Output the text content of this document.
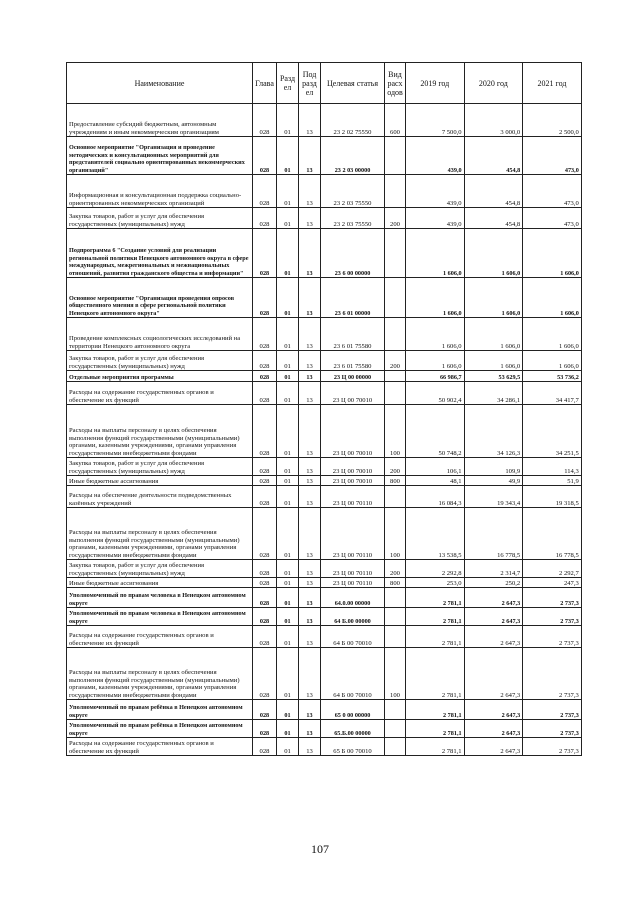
Наименование	Глава	Раздел	Подраздел	Целевая статья	Вид расходов	2019 год	2020 год	2021 год
Предоставление субсидий бюджетным, автономным учреждениям и иным некоммерческим организациям	028	01	13	23 2 02 75550	600	7 500,0	3 000,0	2 500,0
Основное мероприятие "Организация и проведение методических и консультационных мероприятий для представителей социально ориентированных некоммерческих организаций"	028	01	13	23 2 03 00000		439,0	454,8	473,0
Информационная и консультационная поддержка социально-ориентированных некоммерческих организаций	028	01	13	23 2 03 75550		439,0	454,8	473,0
Закупка товаров, работ и услуг для обеспечения государственных (муниципальных) нужд	028	01	13	23 2 03 75550	200	439,0	454,8	473,0
Подпрограмма 6 "Создание условий для реализации региональной политики Ненецкого автономного округа в сфере международных, межрегиональных и межнациональных отношений, развития гражданского общества и информации"	028	01	13	23 6 00 00000		1 606,0	1 606,0	1 606,0
Основное мероприятие "Организация проведения опросов общественного мнения в сфере региональной политики Ненецкого автономного округа"	028	01	13	23 6 01 00000		1 606,0	1 606,0	1 606,0
Проведение комплексных социологических исследований на территории Ненецкого автономного округа	028	01	13	23 6 01 75580		1 606,0	1 606,0	1 606,0
Закупка товаров, работ и услуг для обеспечения государственных (муниципальных) нужд	028	01	13	23 6 01 75580	200	1 606,0	1 606,0	1 606,0
Отдельные мероприятия программы	028	01	13	23 Ц 00 00000		66 986,7	53 629,5	53 736,2
Расходы на содержание государственных органов и обеспечение их функций	028	01	13	23 Ц 00 70010		50 902,4	34 286,1	34 417,7
Расходы на выплаты персоналу в целях обеспечения выполнения функций государственными (муниципальными) органами, казенными учреждениями, органами управления государственными внебюджетными фондами	028	01	13	23 Ц 00 70010	100	50 748,2	34 126,3	34 251,5
Закупка товаров, работ и услуг для обеспечения государственных (муниципальных) нужд	028	01	13	23 Ц 00 70010	200	106,1	109,9	114,3
Иные бюджетные ассигнования	028	01	13	23 Ц 00 70010	800	48,1	49,9	51,9
Расходы на обеспечение деятельности подведомственных казённых учреждений	028	01	13	23 Ц 00 70110		16 084,3	19 343,4	19 318,5
Расходы на выплаты персоналу в целях обеспечения выполнения функций государственными (муниципальными) органами, казенными учреждениями, органами управления государственными внебюджетными фондами	028	01	13	23 Ц 00 70110	100	13 538,5	16 778,5	16 778,5
Закупка товаров, работ и услуг для обеспечения государственных (муниципальных) нужд	028	01	13	23 Ц 00 70110	200	2 292,8	2 314,7	2 292,7
Иные бюджетные ассигнования	028	01	13	23 Ц 00 70110	800	253,0	250,2	247,3
Уполномоченный по правам человека в Ненецком автономном округе	028	01	13	64.0.00 00000		2 781,1	2 647,3	2 737,3
Уполномоченный по правам человека в Ненецком автономном округе	028	01	13	64 Б.00 00000		2 781,1	2 647,3	2 737,3
Расходы на содержание государственных органов и обеспечение их функций	028	01	13	64 Б 00 70010		2 781,1	2 647,3	2 737,3
Расходы на выплаты персоналу в целях обеспечения выполнения функций государственными (муниципальными) органами, казенными учреждениями, органами управления государственными внебюджетными фондами	028	01	13	64 Б 00 70010	100	2 781,1	2 647,3	2 737,3
Уполномоченный по правам ребёнка в Ненецком автономном округе	028	01	13	65 0 00 00000		2 781,1	2 647,3	2 737,3
Уполномоченный по правам ребёнка в Ненецком автономном округе	028	01	13	65.Б.00 00000		2 781,1	2 647,3	2 737,3
Расходы на содержание государственных органов и обеспечение их функций	028	01	13	65 Б 00 70010		2 781,1	2 647,3	2 737,3
107
